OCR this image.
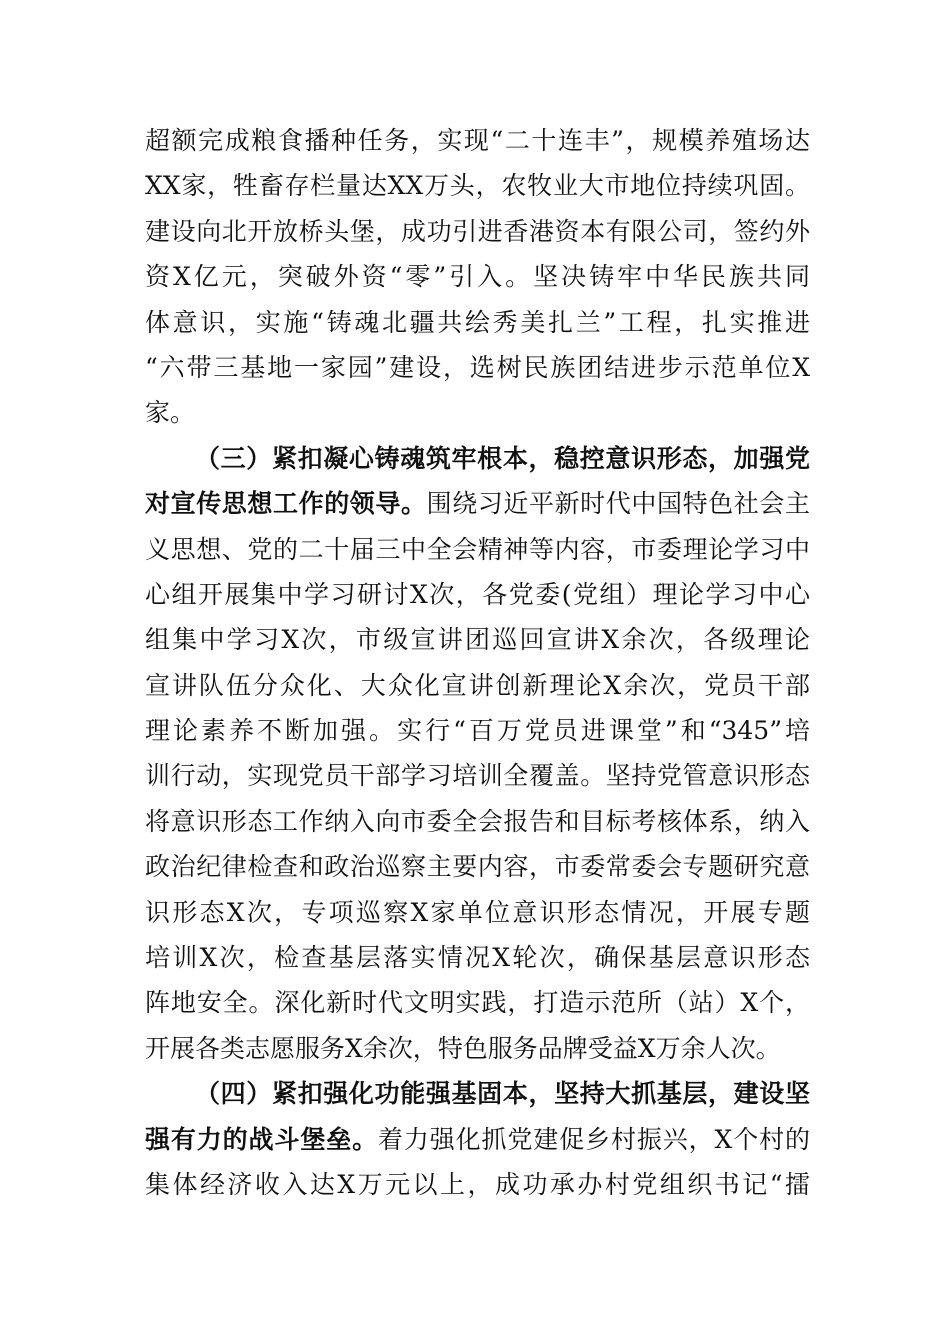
超额完成粮食播种任务，实现“二十连丰”，规模养殖场达
XX家，牲畜存栏量达XX万头，农牧业大市地位持续巩固。
建设向北开放桥头堡，成功引进香港资本有限公司，签约外
资X亿元，突破外资“零”引入。坚决铸牢中华民族共同
体意识，实施“铸魂北疆共绘秀美扎兰”工程，扎实推进
“六带三基地一家园”建设，选树民族团结进步示范单位X
家。
（三）紧扣凝心铸魂筑牢根本，稳控意识形态，加强党
对宣传思想工作的领导。围绕习近平新时代中国特色社会主
义思想、党的二十届三中全会精神等内容，市委理论学习中
心组开展集中学习研讨X次，各党委(党组）理论学习中心
组集中学习X次，市级宣讲团巡回宣讲X余次，各级理论
宣讲队伍分众化、大众化宣讲创新理论X余次，党员干部
理论素养不断加强。实行“百万党员进课堂”和“345”培
训行动，实现党员干部学习培训全覆盖。坚持党管意识形态
将意识形态工作纳入向市委全会报告和目标考核体系，纳入
政治纪律检查和政治巡察主要内容，市委常委会专题研究意
识形态X次，专项巡察X家单位意识形态情况，开展专题
培训X次，检查基层落实情况X轮次，确保基层意识形态
阵地安全。深化新时代文明实践，打造示范所（站）X个，
开展各类志愿服务X余次，特色服务品牌受益X万余人次。
（四）紧扣强化功能强基固本，坚持大抓基层，建设坚
强有力的战斗堡垒。着力强化抓党建促乡村振兴，X个村的
集体经济收入达X万元以上，成功承办村党组织书记“擂
